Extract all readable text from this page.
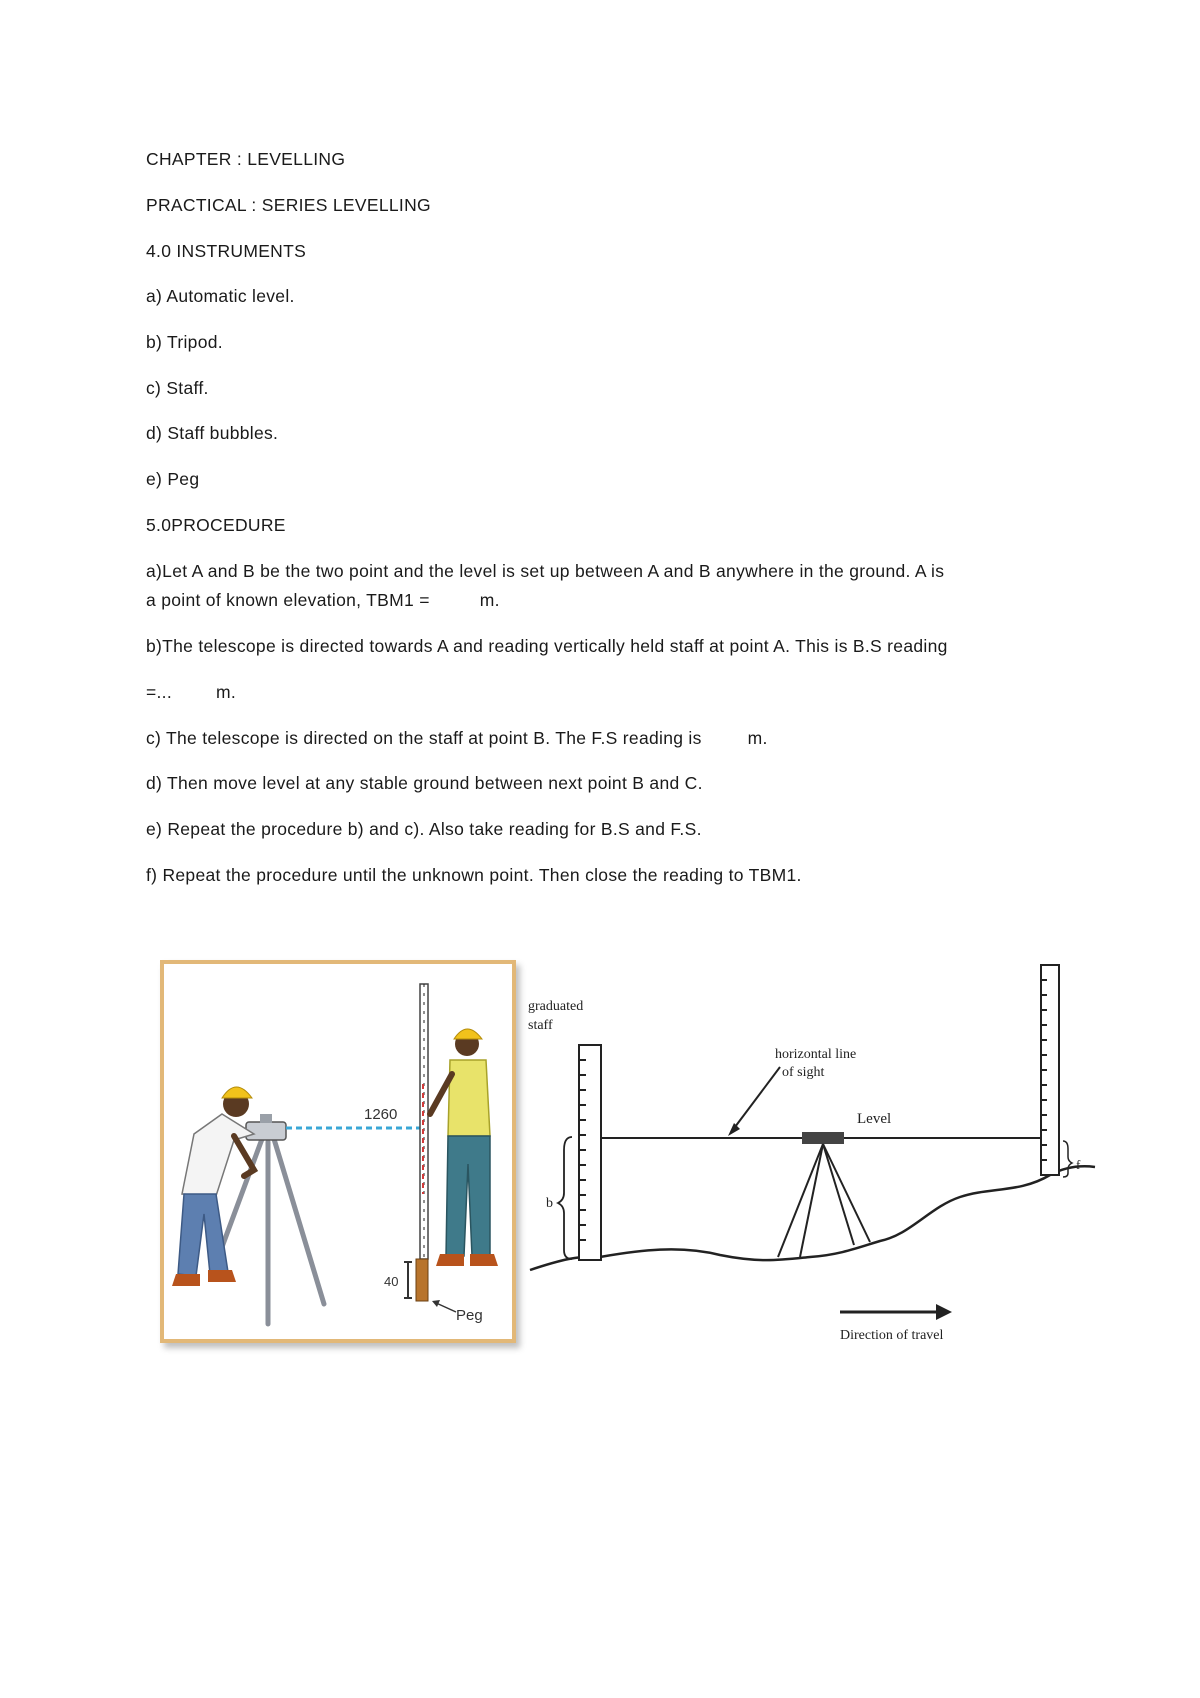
CHAPTER : LEVELLING
PRACTICAL : SERIES LEVELLING
4.0 INSTRUMENTS
a) Automatic level.
b) Tripod.
c) Staff.
d) Staff bubbles.
e) Peg
5.0PROCEDURE
a)Let A and B be the two point and the level is set up between A and B anywhere in the ground. A is
a point of known elevation, TBM1 =	m.
b)The telescope is directed towards A and reading vertically held staff at point A. This is B.S reading
=...	m.
c) The telescope is directed on the staff at point B. The F.S reading is	m.
d) Then move level at any stable ground between next point B and C.
e) Repeat the procedure b) and c). Also take reading for B.S and F.S.
f) Repeat the procedure until the unknown point. Then close the reading to TBM1.
1260
40
Peg
graduated
staff
b
horizontal line
of sight
Level
f
Direction of travel
